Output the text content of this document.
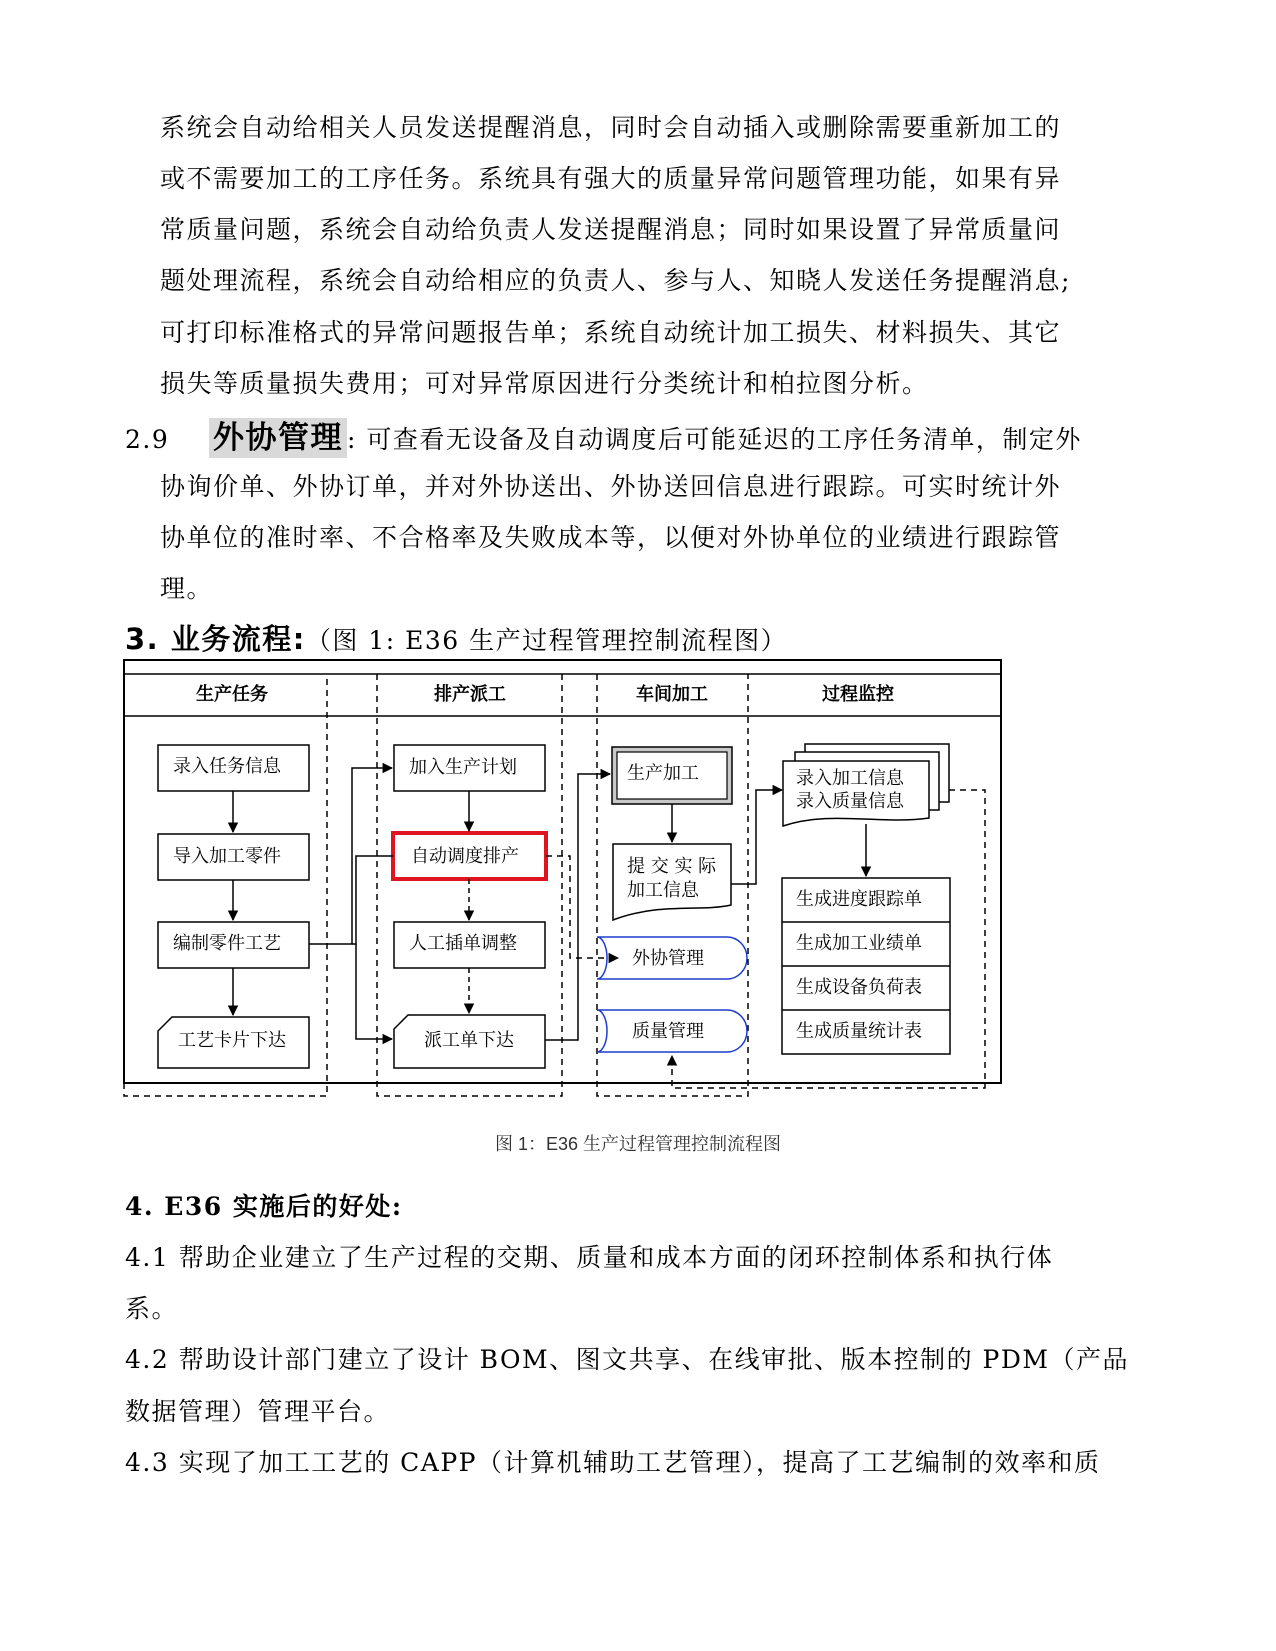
系统会自动给相关人员发送提醒消息，同时会自动插入或删除需要重新加工的
或不需要加工的工序任务。系统具有强大的质量异常问题管理功能，如果有异
常质量问题，系统会自动给负责人发送提醒消息；同时如果设置了异常质量问
题处理流程，系统会自动给相应的负责人、参与人、知晓人发送任务提醒消息;
可打印标准格式的异常问题报告单；系统自动统计加工损失、材料损失、其它
损失等质量损失费用；可对异常原因进行分类统计和柏拉图分析。
2.9 外协管理 : 可查看无设备及自动调度后可能延迟的工序任务清单，制定外
协询价单、外协订单，并对外协送出、外协送回信息进行跟踪。可实时统计外
协单位的准时率、不合格率及失败成本等，以便对外协单位的业绩进行跟踪管
理。
3. 业务流程:（图 1: E36 生产过程管理控制流程图）
生产任务	排产派工	车间加工	过程监控
录入任务信息
导入加工零件
编制零件工艺
工艺卡片下达
加入生产计划
自动调度排产
人工插单调整
派工单下达
生产加工
提 交 实 际
加工信息
外协管理
质量管理
录入加工信息
录入质量信息
生成进度跟踪单
生成加工业绩单
生成设备负荷表
生成质量统计表
图 1：E36 生产过程管理控制流程图
4. E36 实施后的好处:
4.1 帮助企业建立了生产过程的交期、质量和成本方面的闭环控制体系和执行体
系。
4.2 帮助设计部门建立了设计 BOM、图文共享、在线审批、版本控制的 PDM（产品
数据管理）管理平台。
4.3 实现了加工工艺的 CAPP（计算机辅助工艺管理），提高了工艺编制的效率和质
